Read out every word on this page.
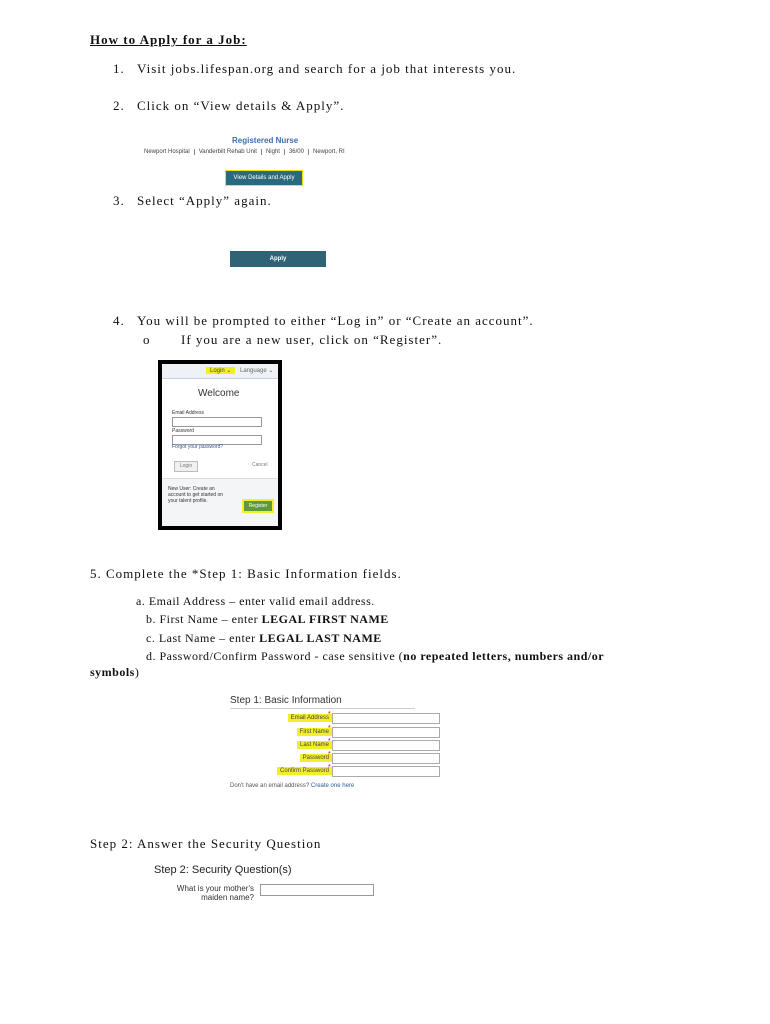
How to Apply for a Job:
1. Visit jobs.lifespan.org and search for a job that interests you.
2. Click on “View details & Apply”.
Registered Nurse
Newport Hospital Vanderbilt Rehab Unit Night 36/00 Newport, RI
View Details and Apply
3. Select “Apply” again.
Apply
4. You will be prompted to either “Log in” or “Create an account”.
o If you are a new user, click on “Register”.
Login ⌄	Language ⌄
Welcome
Email Address
Password
Forgot your password?
Login	Cancel
New User: Create an account to get started on your talent profile.
Register
5. Complete the *Step 1: Basic Information fields.
a. Email Address – enter valid email address.
b. First Name – enter LEGAL FIRST NAME
c. Last Name – enter LEGAL LAST NAME
d. Password/Confirm Password - case sensitive (no repeated letters, numbers and/or
symbols)
Step 1: Basic Information
Email Address *
First Name *
Last Name *
Password *
Confirm Password *
Don't have an email address? Create one here
Step 2: Answer the Security Question
Step 2: Security Question(s)
What is your mother's maiden name?
